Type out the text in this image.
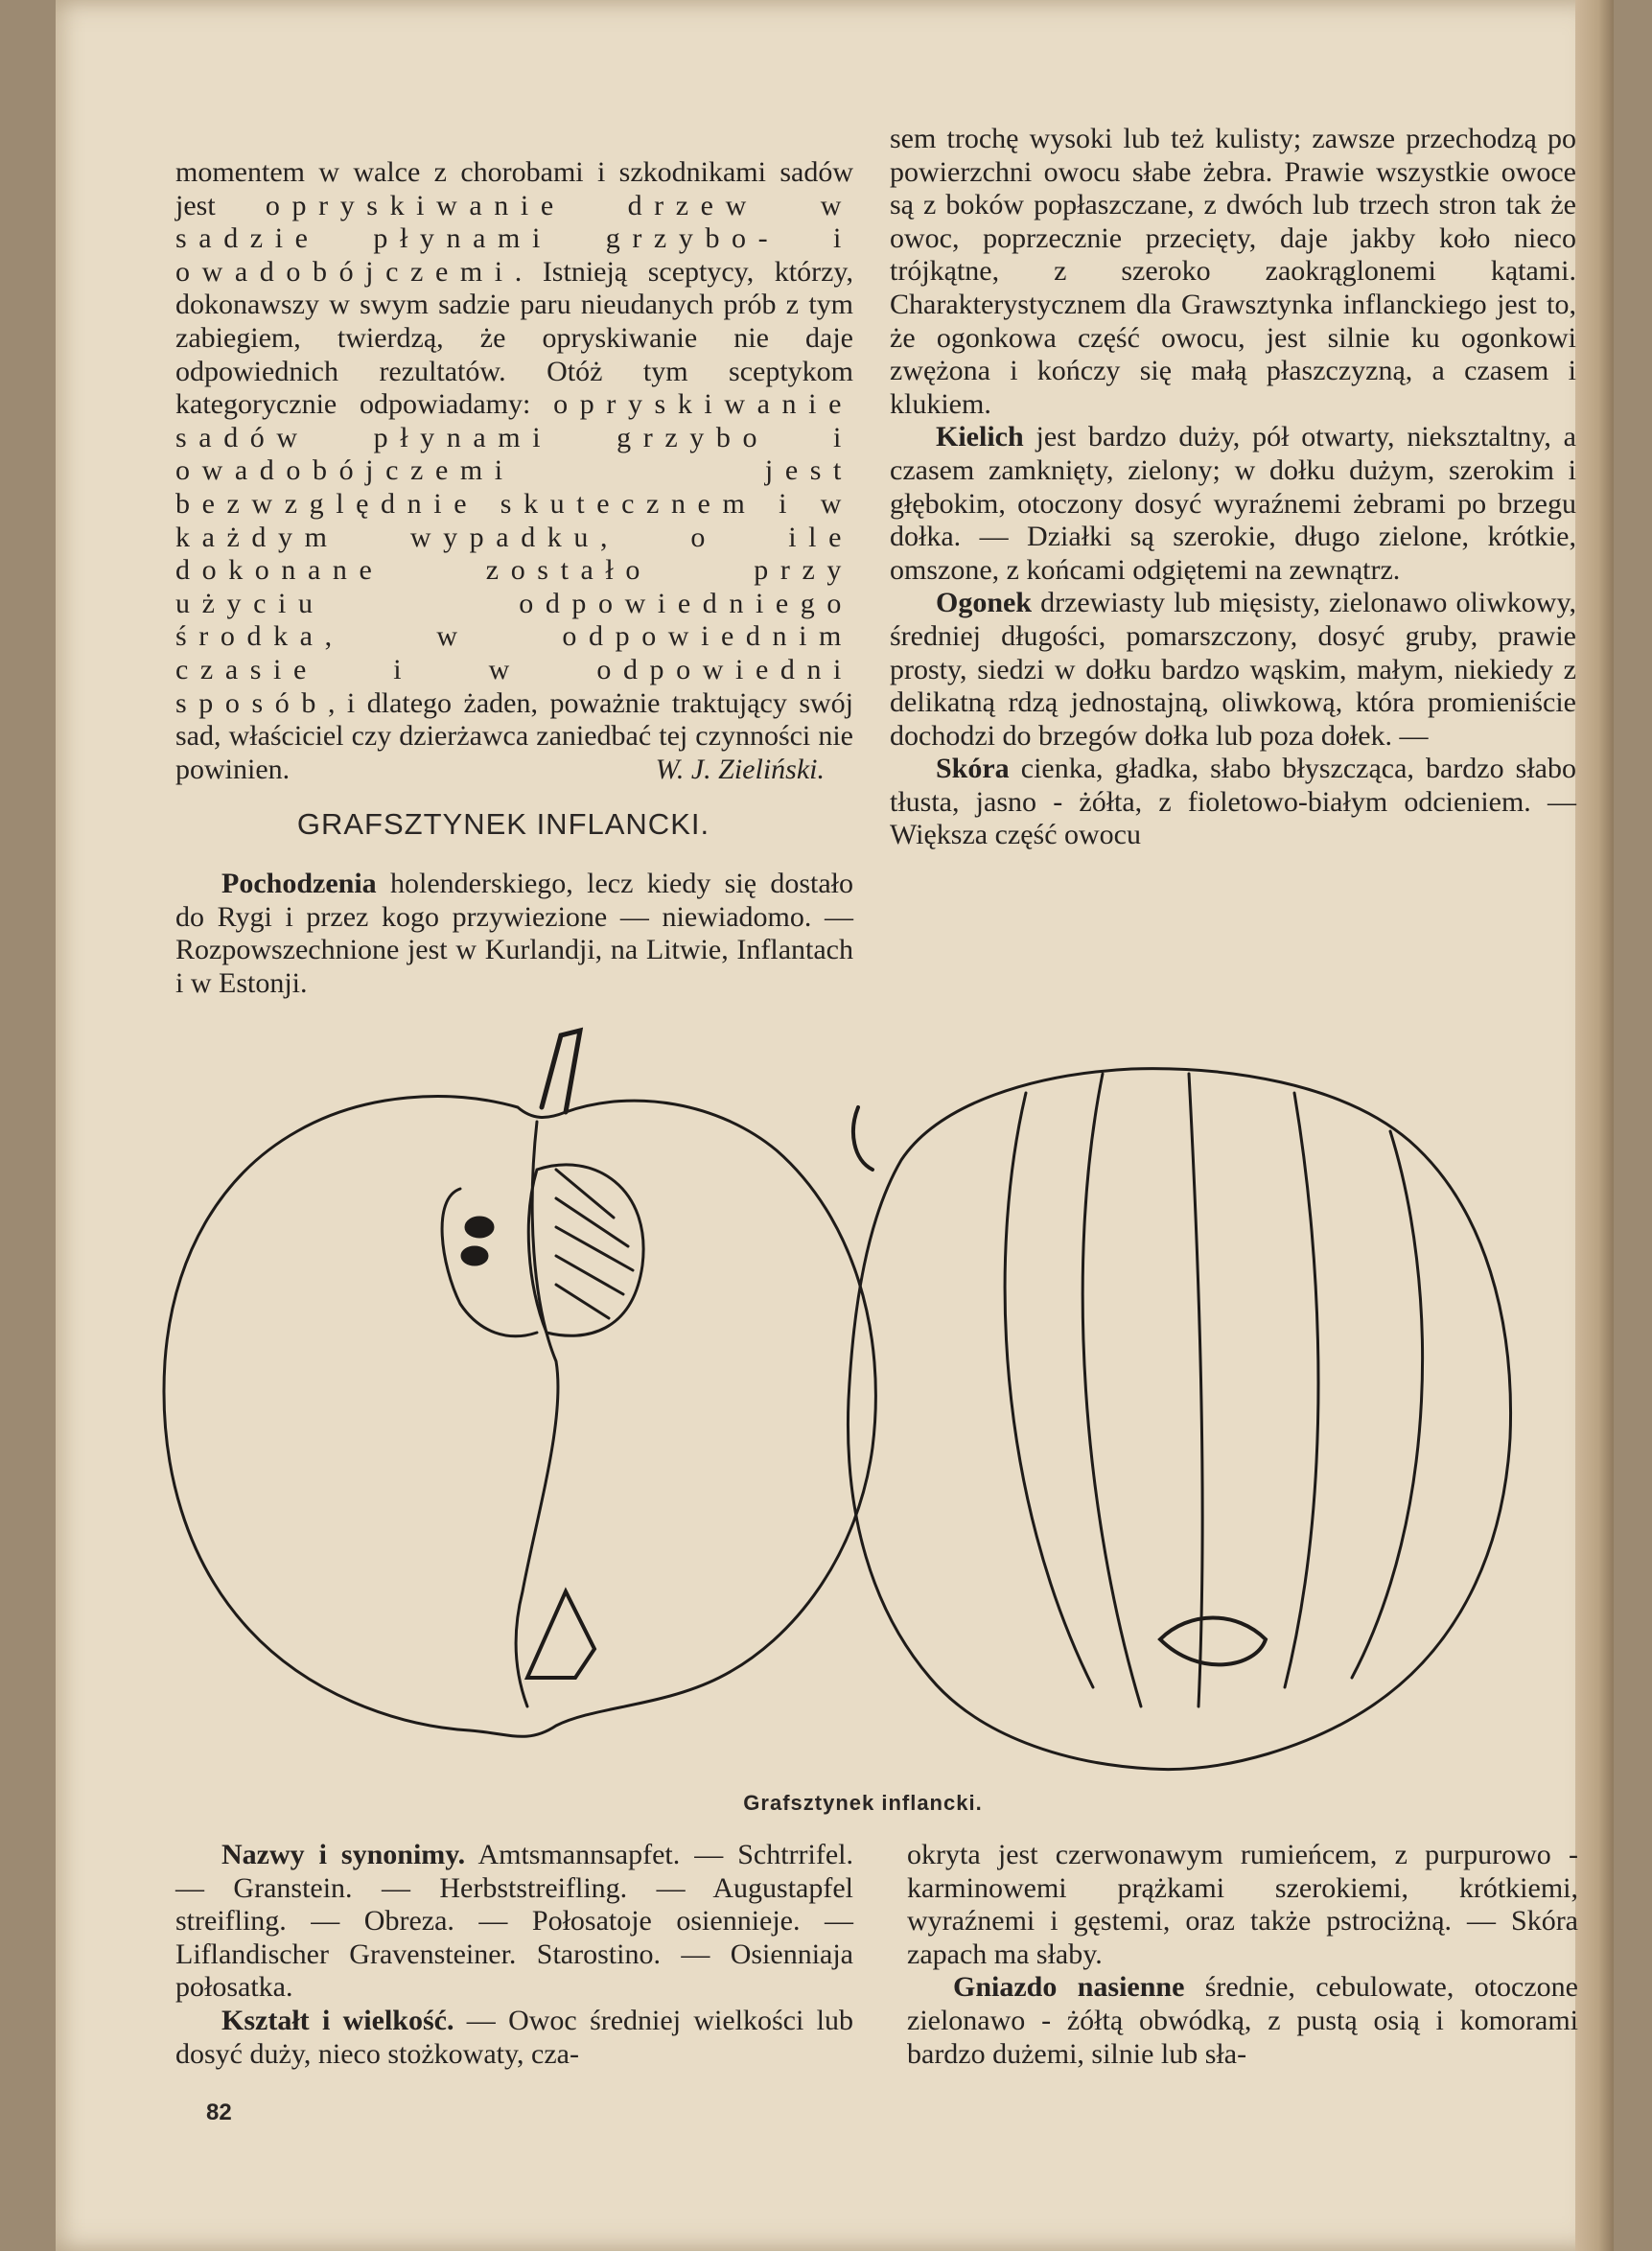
momentem w walce z chorobami i szkodnikami sadów jest opryskiwanie drzew w sadzie płynami grzybo- i owadobójczemi. Istnieją sceptycy, którzy, dokonawszy w swym sadzie paru nieudanych prób z tym zabiegiem, twierdzą, że opryskiwanie nie daje odpowiednich rezultatów. Otóż tym sceptykom kategorycznie odpowiadamy: opryskiwanie sadów płynami grzybo i owadobójczemi jest bezwzględnie skutecznem i w każdym wypadku, o ile dokonane zostało przy użyciu odpowiedniego środka, w odpowiednim czasie i w odpowiedni sposób, i dlatego żaden, poważnie traktujący swój sad, właściciel czy dzierżawca zaniedbać tej czynności nie powinien.	W. J. Zieliński.

GRAFSZTYNEK INFLANCKI.

Pochodzenia holenderskiego, lecz kiedy się dostało do Rygi i przez kogo przywiezione — niewiadomo. — Rozpowszechnione jest w Kurlandji, na Litwie, Inflantach i w Estonji.

sem trochę wysoki lub też kulisty; zawsze przechodzą po powierzchni owocu słabe żebra. Prawie wszystkie owoce są z boków popłaszczane, z dwóch lub trzech stron tak że owoc, poprzecznie przecięty, daje jakby koło nieco trójkątne, z szeroko zaokrąglonemi kątami. Charakterystycznem dla Grawsztynka inflanckiego jest to, że ogonkowa część owocu, jest silnie ku ogonkowi zwężona i kończy się małą płaszczyzną, a czasem i klukiem.

Kielich jest bardzo duży, pół otwarty, nieksztaltny, a czasem zamknięty, zielony; w dołku dużym, szerokim i głębokim, otoczony dosyć wyraźnemi żebrami po brzegu dołka. — Działki są szerokie, długo zielone, krótkie, omszone, z końcami odgiętemi na zewnątrz.

Ogonek drzewiasty lub mięsisty, zielonawo oliwkowy, średniej długości, pomarszczony, dosyć gruby, prawie prosty, siedzi w dołku bardzo wąskim, małym, niekiedy z delikatną rdzą jednostajną, oliwkową, która promieniście dochodzi do brzegów dołka lub poza dołek. —

Skóra cienka, gładka, słabo błyszcząca, bardzo słabo tłusta, jasno - żółta, z fioletowo-białym odcieniem. — Większa część owocu

Grafsztynek inflancki.

Nazwy i synonimy. Amtsmannsapfet. — Schtrrifel. — Granstein. — Herbststreifling. — Augustapfel streifling. — Obreza. — Połosatoje osiennieje. — Liflandischer Gravensteiner. Starostino. — Osienniaja połosatka.

Kształt i wielkość. — Owoc średniej wielkości lub dosyć duży, nieco stożkowaty, cza-

okryta jest czerwonawym rumieńcem, z purpurowo - karminowemi prążkami szerokiemi, krótkiemi, wyraźnemi i gęstemi, oraz także pstrociżną. — Skóra zapach ma słaby.

Gniazdo nasienne średnie, cebulowate, otoczone zielonawo - żółtą obwódką, z pustą osią i komorami bardzo dużemi, silnie lub sła-

82
